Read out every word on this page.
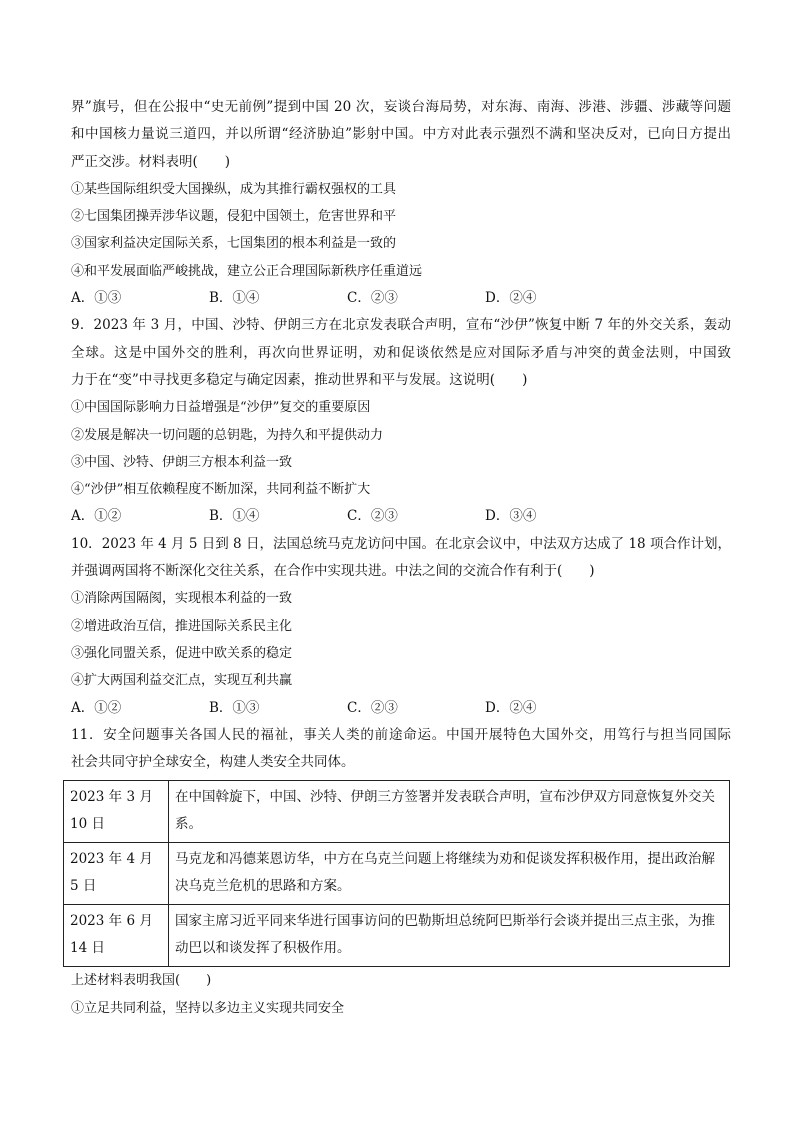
界”旗号，但在公报中“史无前例”提到中国 20 次，妄谈台海局势，对东海、南海、涉港、涉疆、涉藏等问题
和中国核力量说三道四，并以所谓“经济胁迫”影射中国。中方对此表示强烈不满和坚决反对，已向日方提出
严正交涉。材料表明(　　)
①某些国际组织受大国操纵，成为其推行霸权强权的工具
②七国集团操弄涉华议题，侵犯中国领土，危害世界和平
③国家利益决定国际关系，七国集团的根本利益是一致的
④和平发展面临严峻挑战，建立公正合理国际新秩序任重道远
A．①③	B．①④	C．②③	D．②④
9．2023 年 3 月，中国、沙特、伊朗三方在北京发表联合声明，宣布“沙伊”恢复中断 7 年的外交关系，轰动
全球。这是中国外交的胜利，再次向世界证明，劝和促谈依然是应对国际矛盾与冲突的黄金法则，中国致
力于在“变”中寻找更多稳定与确定因素，推动世界和平与发展。这说明(　　)
①中国国际影响力日益增强是“沙伊”复交的重要原因
②发展是解决一切问题的总钥匙，为持久和平提供动力
③中国、沙特、伊朗三方根本利益一致
④“沙伊”相互依赖程度不断加深，共同利益不断扩大
A．①②	B．①④	C．②③	D．③④
10．2023 年 4 月 5 日到 8 日，法国总统马克龙访问中国。在北京会议中，中法双方达成了 18 项合作计划，
并强调两国将不断深化交往关系，在合作中实现共进。中法之间的交流合作有利于(　　)
①消除两国隔阂，实现根本利益的一致
②增进政治互信，推进国际关系民主化
③强化同盟关系，促进中欧关系的稳定
④扩大两国利益交汇点，实现互利共赢
A．①②	B．①③	C．②③	D．②④
11．安全问题事关各国人民的福祉，事关人类的前途命运。中国开展特色大国外交，用笃行与担当同国际
社会共同守护全球安全，构建人类安全共同体。
2023 年 3 月 10 日	在中国斡旋下，中国、沙特、伊朗三方签署并发表联合声明，宣布沙伊双方同意恢复外交关系。
2023 年 4 月 5 日	马克龙和冯德莱恩访华，中方在乌克兰问题上将继续为劝和促谈发挥积极作用，提出政治解决乌克兰危机的思路和方案。
2023 年 6 月 14 日	国家主席习近平同来华进行国事访问的巴勒斯坦总统阿巴斯举行会谈并提出三点主张，为推动巴以和谈发挥了积极作用。
上述材料表明我国(　　)
①立足共同利益，坚持以多边主义实现共同安全
